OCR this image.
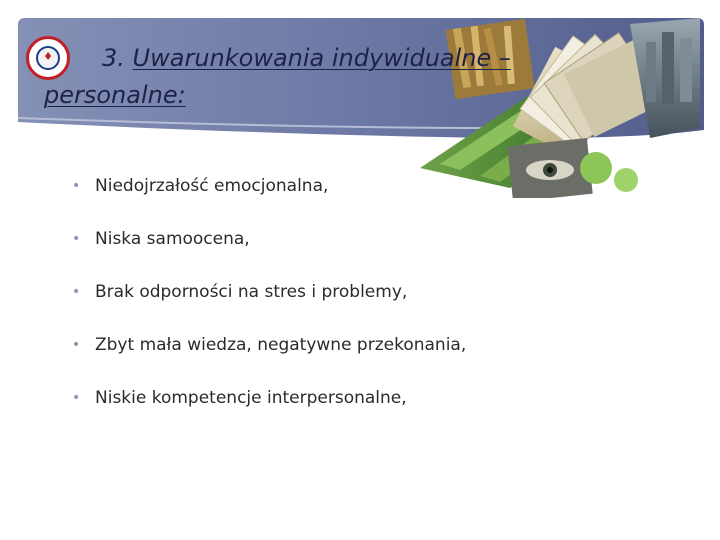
♦	3. Uwarunkowania indywidualne – personalne:
• Niedojrzałość emocjonalna,
• Niska samoocena,
• Brak odporności na stres i problemy,
• Zbyt mała wiedza, negatywne przekonania,
• Niskie kompetencje interpersonalne,
